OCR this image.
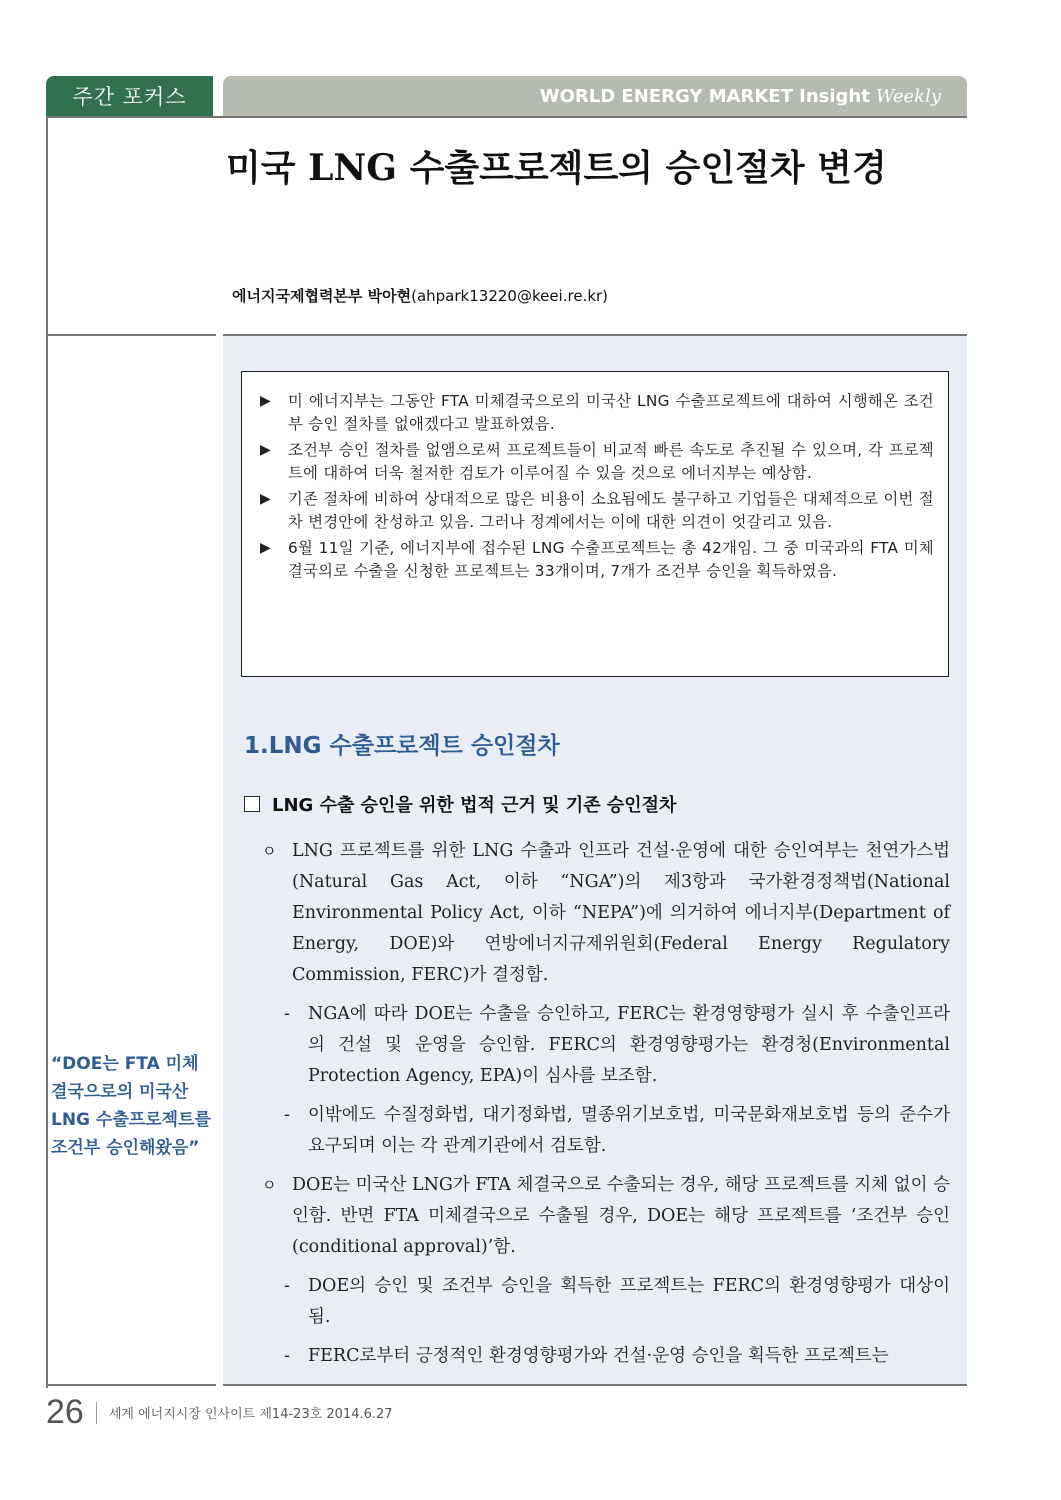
주간 포커스	WORLD ENERGY MARKET Insight Weekly
미국 LNG 수출프로젝트의 승인절차 변경
에너지국제협력본부 박아현(ahpark13220@keei.re.kr)
▶	미 에너지부는 그동안 FTA 미체결국으로의 미국산 LNG 수출프로젝트에 대하여 시행해온 조건부 승인 절차를 없애겠다고 발표하였음.
▶	조건부 승인 절차를 없앰으로써 프로젝트들이 비교적 빠른 속도로 추진될 수 있으며, 각 프로젝트에 대하여 더욱 철저한 검토가 이루어질 수 있을 것으로 에너지부는 예상함.
▶	기존 절차에 비하여 상대적으로 많은 비용이 소요됨에도 불구하고 기업들은 대체적으로 이번 절차 변경안에 찬성하고 있음. 그러나 정계에서는 이에 대한 의견이 엇갈리고 있음.
▶	6월 11일 기준, 에너지부에 접수된 LNG 수출프로젝트는 총 42개임. 그 중 미국과의 FTA 미체결국의로 수출을 신청한 프로젝트는 33개이며, 7개가 조건부 승인을 획득하였음.
1.LNG 수출프로젝트 승인절차
LNG 수출 승인을 위한 법적 근거 및 기존 승인절차
ㅇ LNG 프로젝트를 위한 LNG 수출과 인프라 건설·운영에 대한 승인여부는 천연가스법(Natural Gas Act, 이하 “NGA”)의 제3항과 국가환경정책법(National Environmental Policy Act, 이하 “NEPA”)에 의거하여 에너지부(Department of Energy, DOE)와 연방에너지규제위원회(Federal Energy Regulatory Commission, FERC)가 결정함.
-	NGA에 따라 DOE는 수출을 승인하고, FERC는 환경영향평가 실시 후 수출인프라의 건설 및 운영을 승인함. FERC의 환경영향평가는 환경청(Environmental Protection Agency, EPA)이 심사를 보조함.
-	이밖에도 수질정화법, 대기정화법, 멸종위기보호법, 미국문화재보호법 등의 준수가 요구되며 이는 각 관계기관에서 검토함.
ㅇ DOE는 미국산 LNG가 FTA 체결국으로 수출되는 경우, 해당 프로젝트를 지체 없이 승인함. 반면 FTA 미체결국으로 수출될 경우, DOE는 해당 프로젝트를 ‘조건부 승인(conditional approval)’함.
-	DOE의 승인 및 조건부 승인을 획득한 프로젝트는 FERC의 환경영향평가 대상이 됨.
-	FERC로부터 긍정적인 환경영향평가와 건설·운영 승인을 획득한 프로젝트는
“DOE는 FTA 미체결국으로의 미국산 LNG 수출프로젝트를 조건부 승인해왔음”
26 세계 에너지시장 인사이트 제14-23호 2014.6.27
